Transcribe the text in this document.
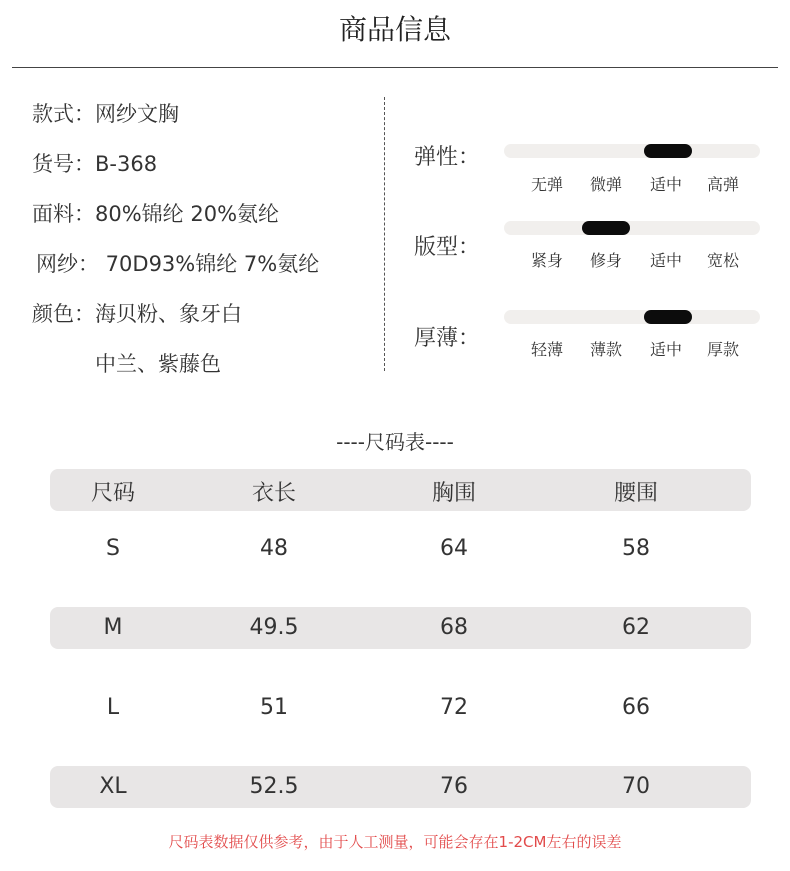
商品信息
款式：网纱文胸
货号：B-368
面料：80%锦纶 20%氨纶
网纱： 70D93%锦纶 7%氨纶
颜色：海贝粉、象牙白
中兰、紫藤色
弹性：
无弹 微弹 适中 高弹
版型：
紧身 修身 适中 宽松
厚薄：	轻薄 薄款 适中 厚款
----尺码表----
尺码	衣长	胸围	腰围
S	48	64	58
M	49.5	68	62
L	51	72	66
XL	52.5	76	70
尺码表数据仅供参考，由于人工测量，可能会存在1-2CM左右的误差
